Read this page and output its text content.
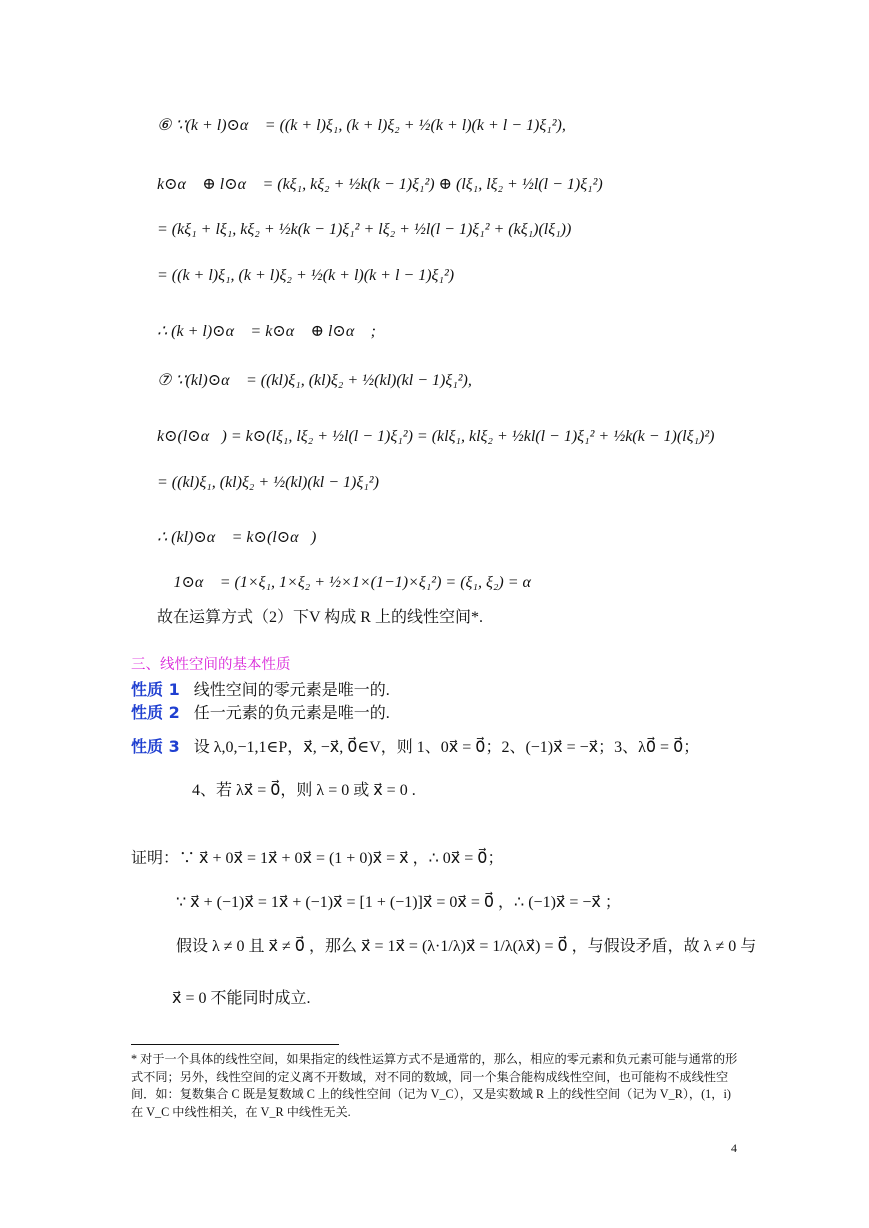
⑥ ∵(k + l)⊙α⃗ = ((k + l)ξ₁, (k + l)ξ₂ + ½(k + l)(k + l − 1)ξ₁²),
k⊙α⃗ ⊕ l⊙α⃗ = (kξ₁, kξ₂ + ½k(k − 1)ξ₁²) ⊕ (lξ₁, lξ₂ + ½l(l − 1)ξ₁²)
= (kξ₁ + lξ₁, kξ₂ + ½k(k − 1)ξ₁² + lξ₂ + ½l(l − 1)ξ₁² + (kξ₁)(lξ₁))
= ((k + l)ξ₁, (k + l)ξ₂ + ½(k + l)(k + l − 1)ξ₁²)
∴ (k + l)⊙α⃗ = k⊙α⃗ ⊕ l⊙α⃗ ;
⑦ ∵(kl)⊙α⃗ = ((kl)ξ₁, (kl)ξ₂ + ½(kl)(kl − 1)ξ₁²),
k⊙(l⊙α⃗) = k⊙(lξ₁, lξ₂ + ½l(l − 1)ξ₁²) = (klξ₁, klξ₂ + ½kl(l − 1)ξ₁² + ½k(k − 1)(lξ₁)²)
= ((kl)ξ₁, (kl)ξ₂ + ½(kl)(kl − 1)ξ₁²)
∴ (kl)⊙α⃗ = k⊙(l⊙α⃗)
⑧ 1⊙α⃗ = (1×ξ₁, 1×ξ₂ + ½×1×(1−1)×ξ₁²) = (ξ₁, ξ₂) = α⃗
故在运算方式（2）下V 构成 R 上的线性空间*.
三、线性空间的基本性质
性质 1 线性空间的零元素是唯一的.
性质 2 任一元素的负元素是唯一的.
性质 3 设 λ,0,−1,1∈P，x⃗, −x⃗, 0⃗∈V，则 1、0x⃗ = 0⃗；2、(−1)x⃗ = −x⃗；3、λ0⃗ = 0⃗；
4、若 λx⃗ = 0⃗，则 λ = 0 或 x⃗ = 0 .
证明：∵ x⃗ + 0x⃗ = 1x⃗ + 0x⃗ = (1 + 0)x⃗ = x⃗ ，∴ 0x⃗ = 0⃗；
∵ x⃗ + (−1)x⃗ = 1x⃗ + (−1)x⃗ = [1 + (−1)]x⃗ = 0x⃗ = 0⃗ ，∴ (−1)x⃗ = −x⃗ ；
假设 λ ≠ 0 且 x⃗ ≠ 0⃗ ，那么 x⃗ = 1x⃗ = (λ·1/λ)x⃗ = 1/λ(λx⃗) = 0⃗ ，与假设矛盾，故 λ ≠ 0 与
x⃗ = 0 不能同时成立.
* 对于一个具体的线性空间，如果指定的线性运算方式不是通常的，那么，相应的零元素和负元素可能与通常的形式不同；另外，线性空间的定义离不开数域，对不同的数域，同一个集合能构成线性空间，也可能构不成线性空间．如：复数集合 C 既是复数域 C 上的线性空间（记为 V_C），又是实数域 R 上的线性空间（记为 V_R），(1，i) 在 V_C 中线性相关，在 V_R 中线性无关.
4
